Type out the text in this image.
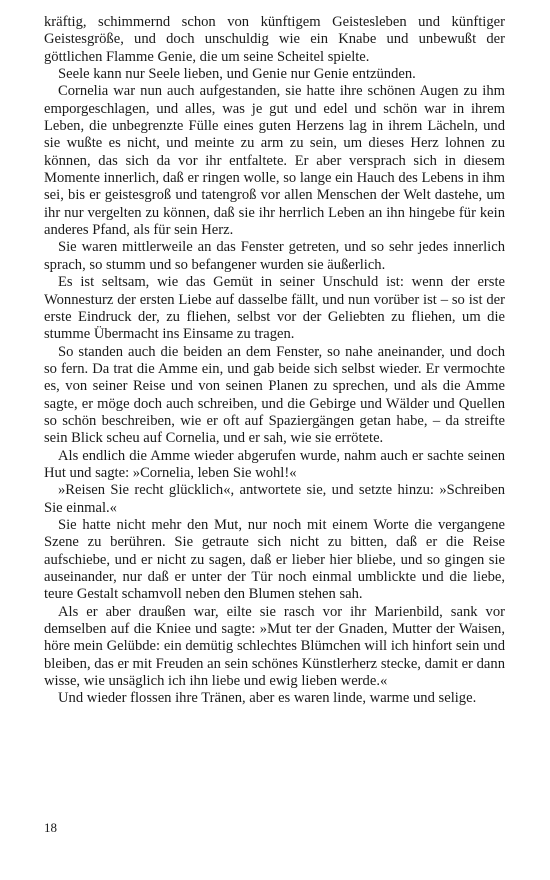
kräftig, schimmernd schon von künftigem Geistesleben und künftiger Geistesgröße, und doch unschuldig wie ein Knabe und unbewußt der göttlichen Flamme Genie, die um seine Scheitel spielte.

Seele kann nur Seele lieben, und Genie nur Genie entzünden.

Cornelia war nun auch aufgestanden, sie hatte ihre schönen Augen zu ihm emporgeschlagen, und alles, was je gut und edel und schön war in ihrem Leben, die unbegrenzte Fülle eines guten Herzens lag in ihrem Lächeln, und sie wußte es nicht, und meinte zu arm zu sein, um dieses Herz lohnen zu können, das sich da vor ihr entfaltete. Er aber versprach sich in diesem Momente innerlich, daß er ringen wolle, so lange ein Hauch des Lebens in ihm sei, bis er geistesgroß und tatengroß vor allen Menschen der Welt dastehe, um ihr nur vergelten zu können, daß sie ihr herrlich Leben an ihn hingebe für kein anderes Pfand, als für sein Herz.

Sie waren mittlerweile an das Fenster getreten, und so sehr jedes innerlich sprach, so stumm und so befangener wurden sie äußerlich.

Es ist seltsam, wie das Gemüt in seiner Unschuld ist: wenn der erste Wonnesturz der ersten Liebe auf dasselbe fällt, und nun vorüber ist – so ist der erste Eindruck der, zu fliehen, selbst vor der Geliebten zu fliehen, um die stumme Übermacht ins Einsame zu tragen.

So standen auch die beiden an dem Fenster, so nahe aneinander, und doch so fern. Da trat die Amme ein, und gab beide sich selbst wieder. Er vermochte es, von seiner Reise und von seinen Planen zu sprechen, und als die Amme sagte, er möge doch auch schreiben, und die Gebirge und Wälder und Quellen so schön beschreiben, wie er oft auf Spaziergängen getan habe, – da streifte sein Blick scheu auf Cornelia, und er sah, wie sie errötete.

Als endlich die Amme wieder abgerufen wurde, nahm auch er sachte seinen Hut und sagte: »Cornelia, leben Sie wohl!«

»Reisen Sie recht glücklich«, antwortete sie, und setzte hinzu: »Schreiben Sie einmal.«

Sie hatte nicht mehr den Mut, nur noch mit einem Worte die vergangene Szene zu berühren. Sie getraute sich nicht zu bitten, daß er die Reise aufschiebe, und er nicht zu sagen, daß er lieber hier bliebe, und so gingen sie auseinander, nur daß er unter der Tür noch einmal umblickte und die liebe, teure Gestalt schamvoll neben den Blumen stehen sah.

Als er aber draußen war, eilte sie rasch vor ihr Marienbild, sank vor demselben auf die Kniee und sagte: »Mut ter der Gnaden, Mutter der Waisen, höre mein Gelübde: ein demütig schlechtes Blümchen will ich hinfort sein und bleiben, das er mit Freuden an sein schönes Künstlerherz stecke, damit er dann wisse, wie unsäglich ich ihn liebe und ewig lieben werde.«

Und wieder flossen ihre Tränen, aber es waren linde, warme und selige.

18
